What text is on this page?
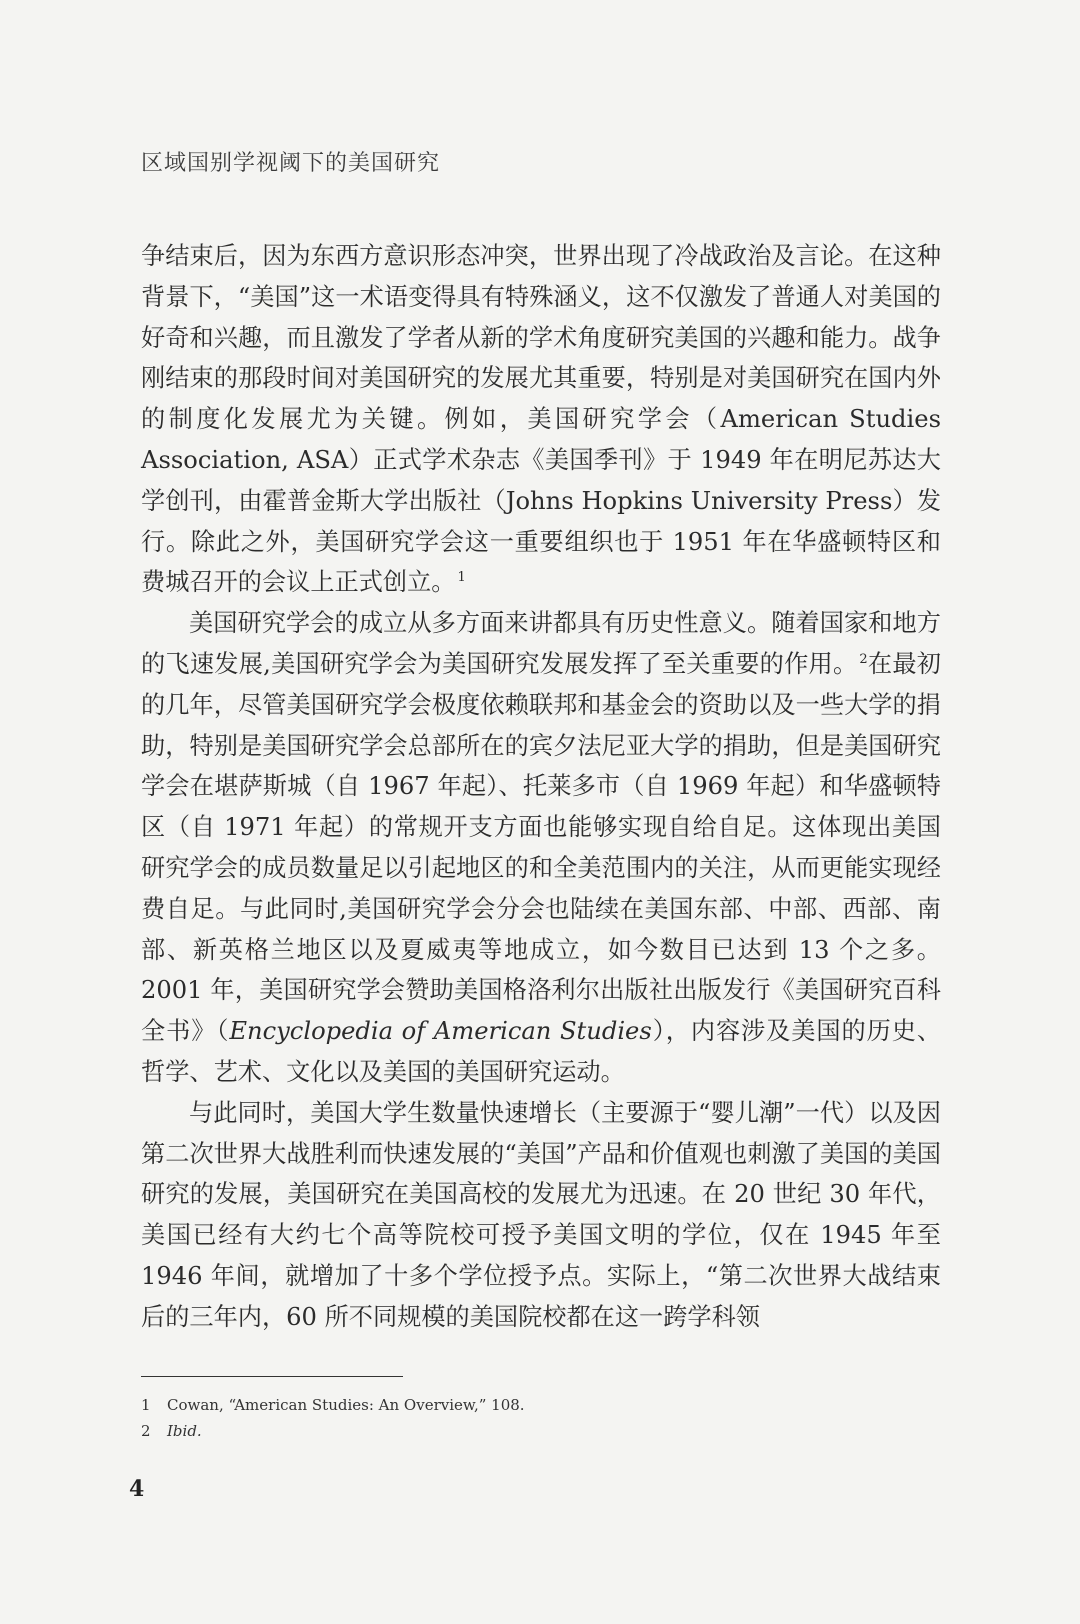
区域国别学视阈下的美国研究

争结束后，因为东西方意识形态冲突，世界出现了冷战政治及言论。在这种背景下，“美国”这一术语变得具有特殊涵义，这不仅激发了普通人对美国的好奇和兴趣，而且激发了学者从新的学术角度研究美国的兴趣和能力。战争刚结束的那段时间对美国研究的发展尤其重要，特别是对美国研究在国内外的制度化发展尤为关键。例如，美国研究学会（American Studies Association, ASA）正式学术杂志《美国季刊》于 1949 年在明尼苏达大学创刊，由霍普金斯大学出版社（Johns Hopkins University Press）发行。除此之外，美国研究学会这一重要组织也于 1951 年在华盛顿特区和费城召开的会议上正式创立。 $^1$

美国研究学会的成立从多方面来讲都具有历史性意义。随着国家和地方的飞速发展,美国研究学会为美国研究发展发挥了至关重要的作用。 $^2$在最初的几年，尽管美国研究学会极度依赖联邦和基金会的资助以及一些大学的捐助，特别是美国研究学会总部所在的宾夕法尼亚大学的捐助，但是美国研究学会在堪萨斯城（自 1967 年起）、托莱多市（自 1969 年起）和华盛顿特区（自 1971 年起）的常规开支方面也能够实现自给自足。这体现出美国研究学会的成员数量足以引起地区的和全美范围内的关注，从而更能实现经费自足。与此同时,美国研究学会分会也陆续在美国东部、中部、西部、南部、新英格兰地区以及夏威夷等地成立，如今数目已达到 13 个之多。2001 年，美国研究学会赞助美国格洛利尔出版社出版发行《美国研究百科全书》（Encyclopedia of American Studies），内容涉及美国的历史、哲学、艺术、文化以及美国的美国研究运动。

与此同时，美国大学生数量快速增长（主要源于“婴儿潮”一代）以及因第二次世界大战胜利而快速发展的“美国”产品和价值观也刺激了美国的美国研究的发展，美国研究在美国高校的发展尤为迅速。在 20 世纪 30 年代，美国已经有大约七个高等院校可授予美国文明的学位，仅在 1945 年至 1946 年间，就增加了十多个学位授予点。实际上，“第二次世界大战结束后的三年内，60 所不同规模的美国院校都在这一跨学科领

1	Cowan, “American Studies: An Overview,” 108.
2	Ibid.
4
